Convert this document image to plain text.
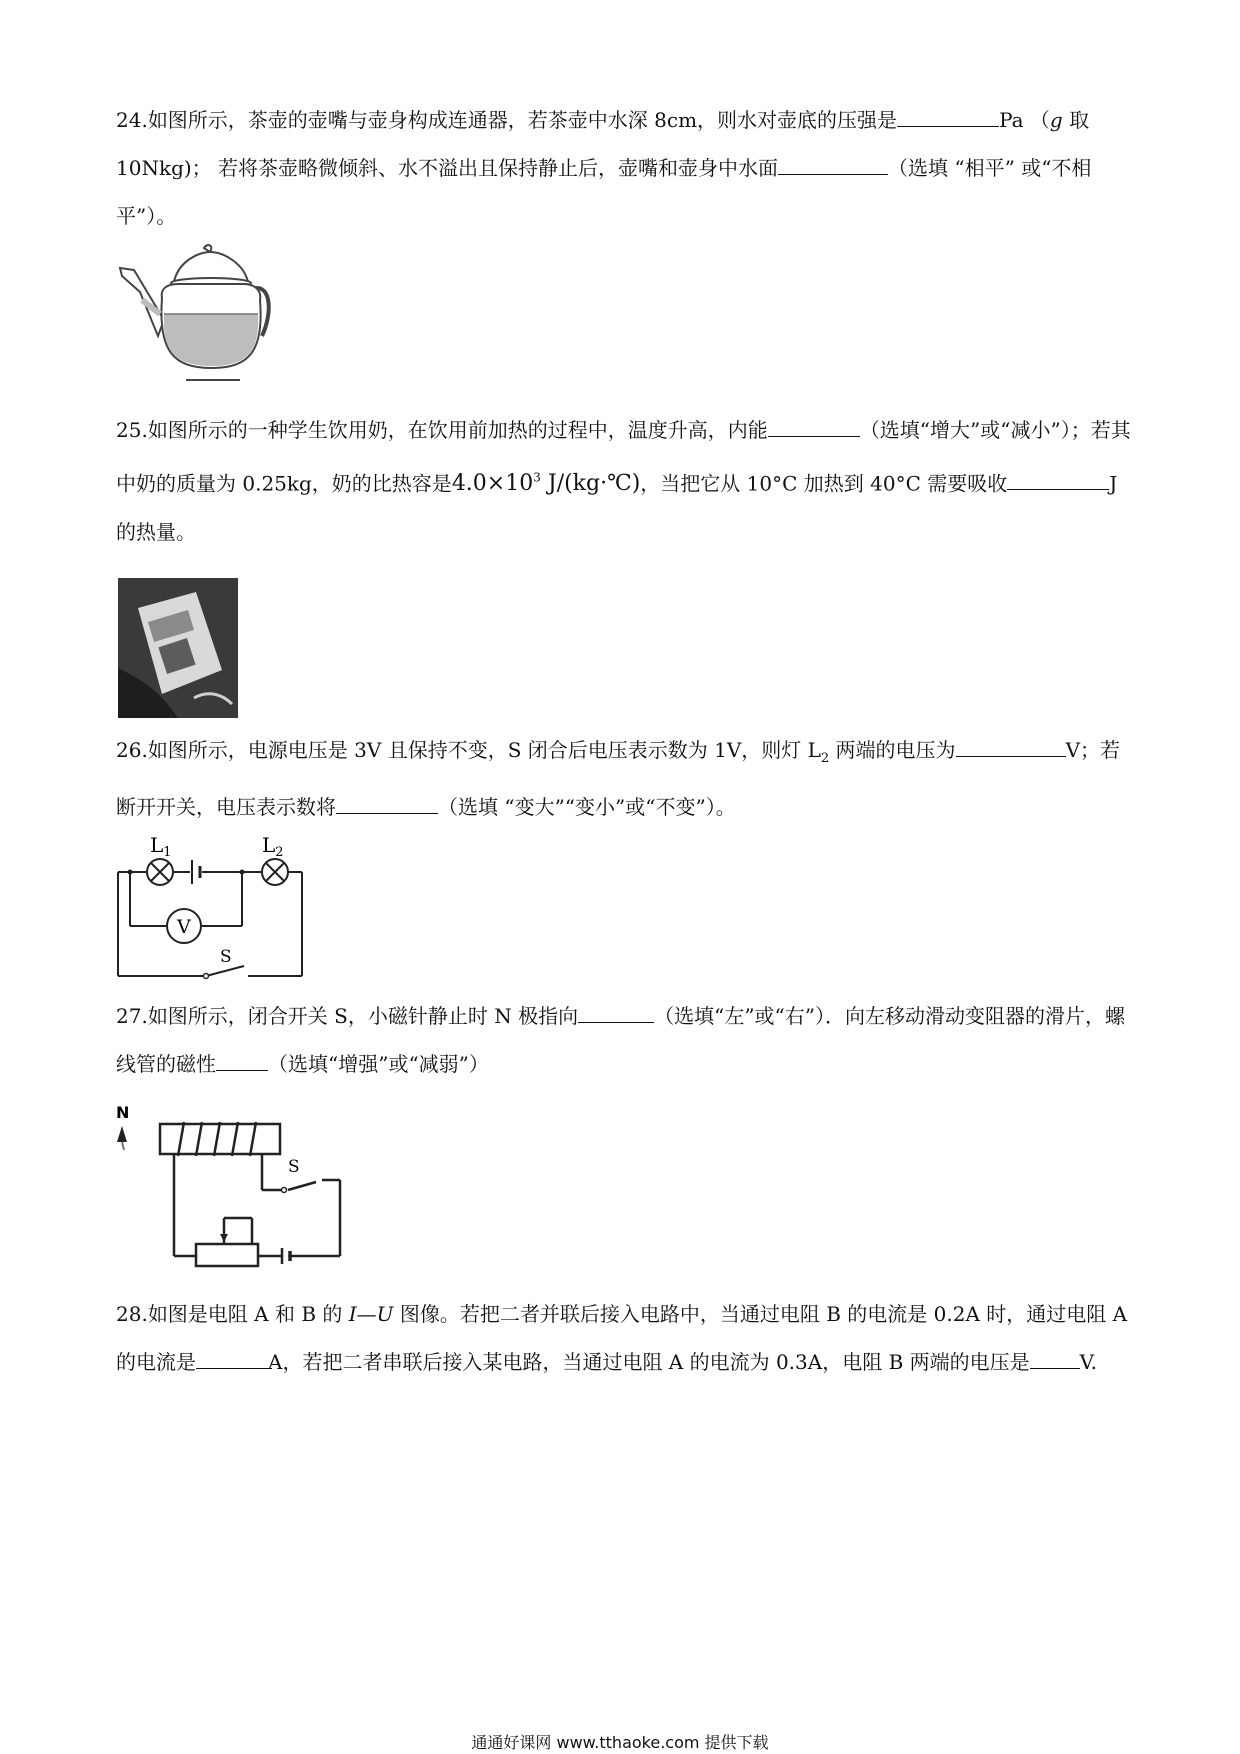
24.如图所示，茶壶的壶嘴与壶身构成连通器，若茶壶中水深 8cm，则水对壶底的压强是	Pa （g 取 10Nkg)； 若将茶壶略微倾斜、水不溢出且保持静止后，壶嘴和壶身中水面	（选填 “相平” 或“不相平”）。

25.如图所示的一种学生饮用奶，在饮用前加热的过程中，温度升高，内能	（选填“增大”或“减小”）；若其中奶的质量为 0.25kg，奶的比热容是$4.0\times 10^3$ J/(kg·℃)，当把它从 10°C 加热到 40°C 需要吸收	J 的热量。

26.如图所示，电源电压是 3V 且保持不变，S 闭合后电压表示数为 1V，则灯 $L_2$ 两端的电压为	V；若断开开关，电压表示数将	（选填 “变大”“变小”或“不变”）。

$L_1$	$L_2$
V
S

27.如图所示，闭合开关 S，小磁针静止时 N 极指向	（选填“左”或“右”）．向左移动滑动变阻器的滑片，螺线管的磁性	（选填“增强”或“减弱”）

N
S

28.如图是电阻 A 和 B 的 I—U 图像。若把二者并联后接入电路中，当通过电阻 B 的电流是 0.2A 时，通过电阻 A 的电流是	A，若把二者串联后接入某电路，当通过电阻 A 的电流为 0.3A，电阻 B 两端的电压是	V.

通通好课网 www.tthaoke.com 提供下载
